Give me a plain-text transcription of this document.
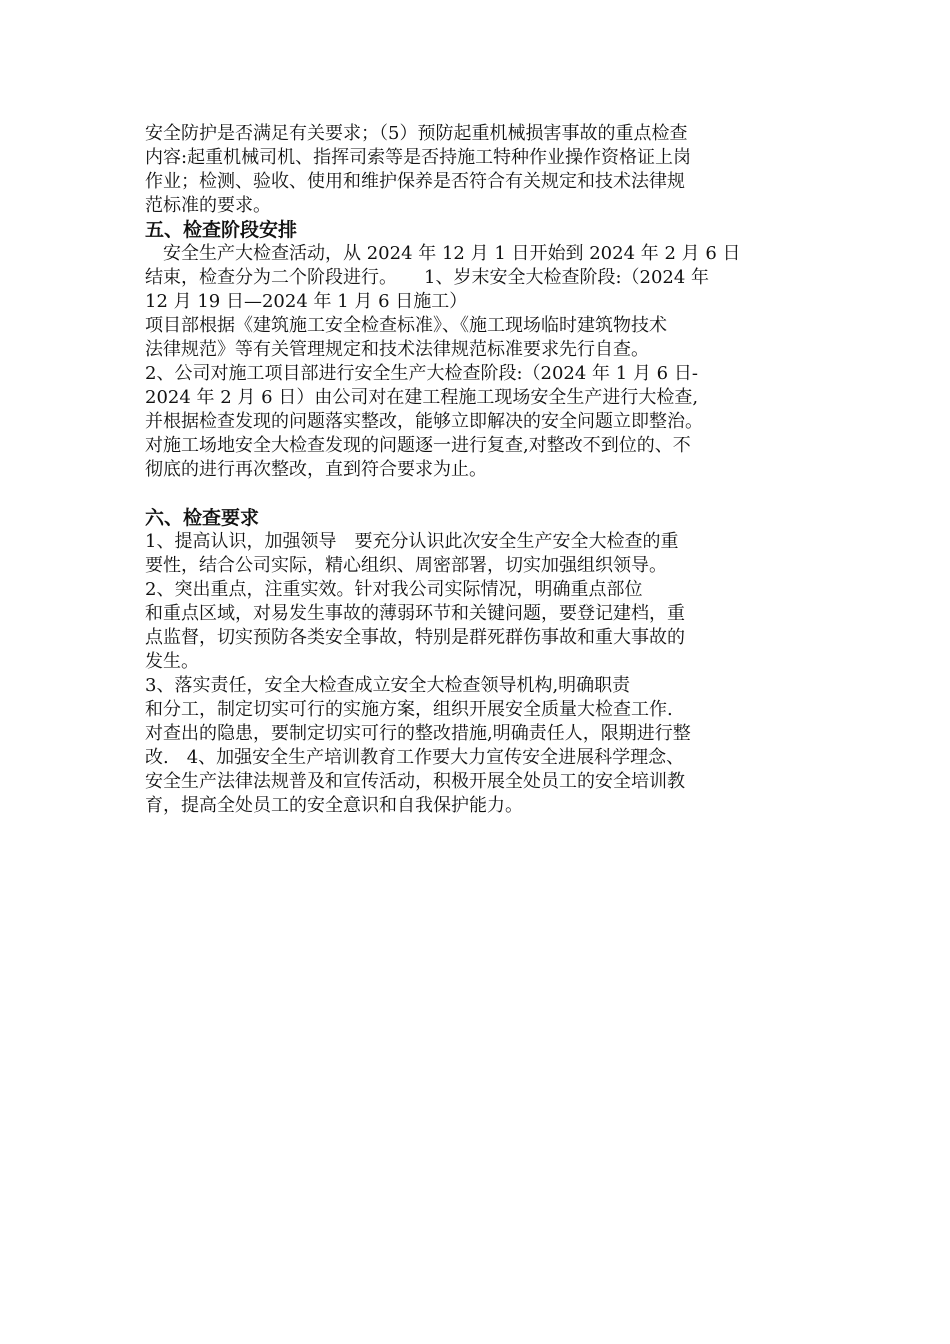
安全防护是否满足有关要求；（5）预防起重机械损害事故的重点检查
内容:起重机械司机、指挥司索等是否持施工特种作业操作资格证上岗
作业；检测、验收、使用和维护保养是否符合有关规定和技术法律规
范标准的要求。
五、检查阶段安排
　安全生产大检查活动，从 2024 年 12 月 1 日开始到 2024 年 2 月 6 日
结束，检查分为二个阶段进行。　　1、岁末安全大检查阶段:（2024 年
12 月 19 日—2024 年 1 月 6 日施工）
项目部根据《建筑施工安全检查标准》、《施工现场临时建筑物技术
法律规范》等有关管理规定和技术法律规范标准要求先行自查。
2、公司对施工项目部进行安全生产大检查阶段:（2024 年 1 月 6 日-
2024 年 2 月 6 日）由公司对在建工程施工现场安全生产进行大检查,
并根据检查发现的问题落实整改，能够立即解决的安全问题立即整治。
对施工场地安全大检查发现的问题逐一进行复查,对整改不到位的、不
彻底的进行再次整改，直到符合要求为止。
六、检查要求
1、提高认识，加强领导　要充分认识此次安全生产安全大检查的重
要性，结合公司实际，精心组织、周密部署，切实加强组织领导。
2、突出重点，注重实效。针对我公司实际情况，明确重点部位
和重点区域，对易发生事故的薄弱环节和关键问题，要登记建档，重
点监督，切实预防各类安全事故，特别是群死群伤事故和重大事故的
发生。
3、落实责任，安全大检查成立安全大检查领导机构,明确职责
和分工，制定切实可行的实施方案，组织开展安全质量大检查工作.
对查出的隐患，要制定切实可行的整改措施,明确责任人，限期进行整
改.　4、加强安全生产培训教育工作要大力宣传安全进展科学理念、
安全生产法律法规普及和宣传活动，积极开展全处员工的安全培训教
育，提高全处员工的安全意识和自我保护能力。
